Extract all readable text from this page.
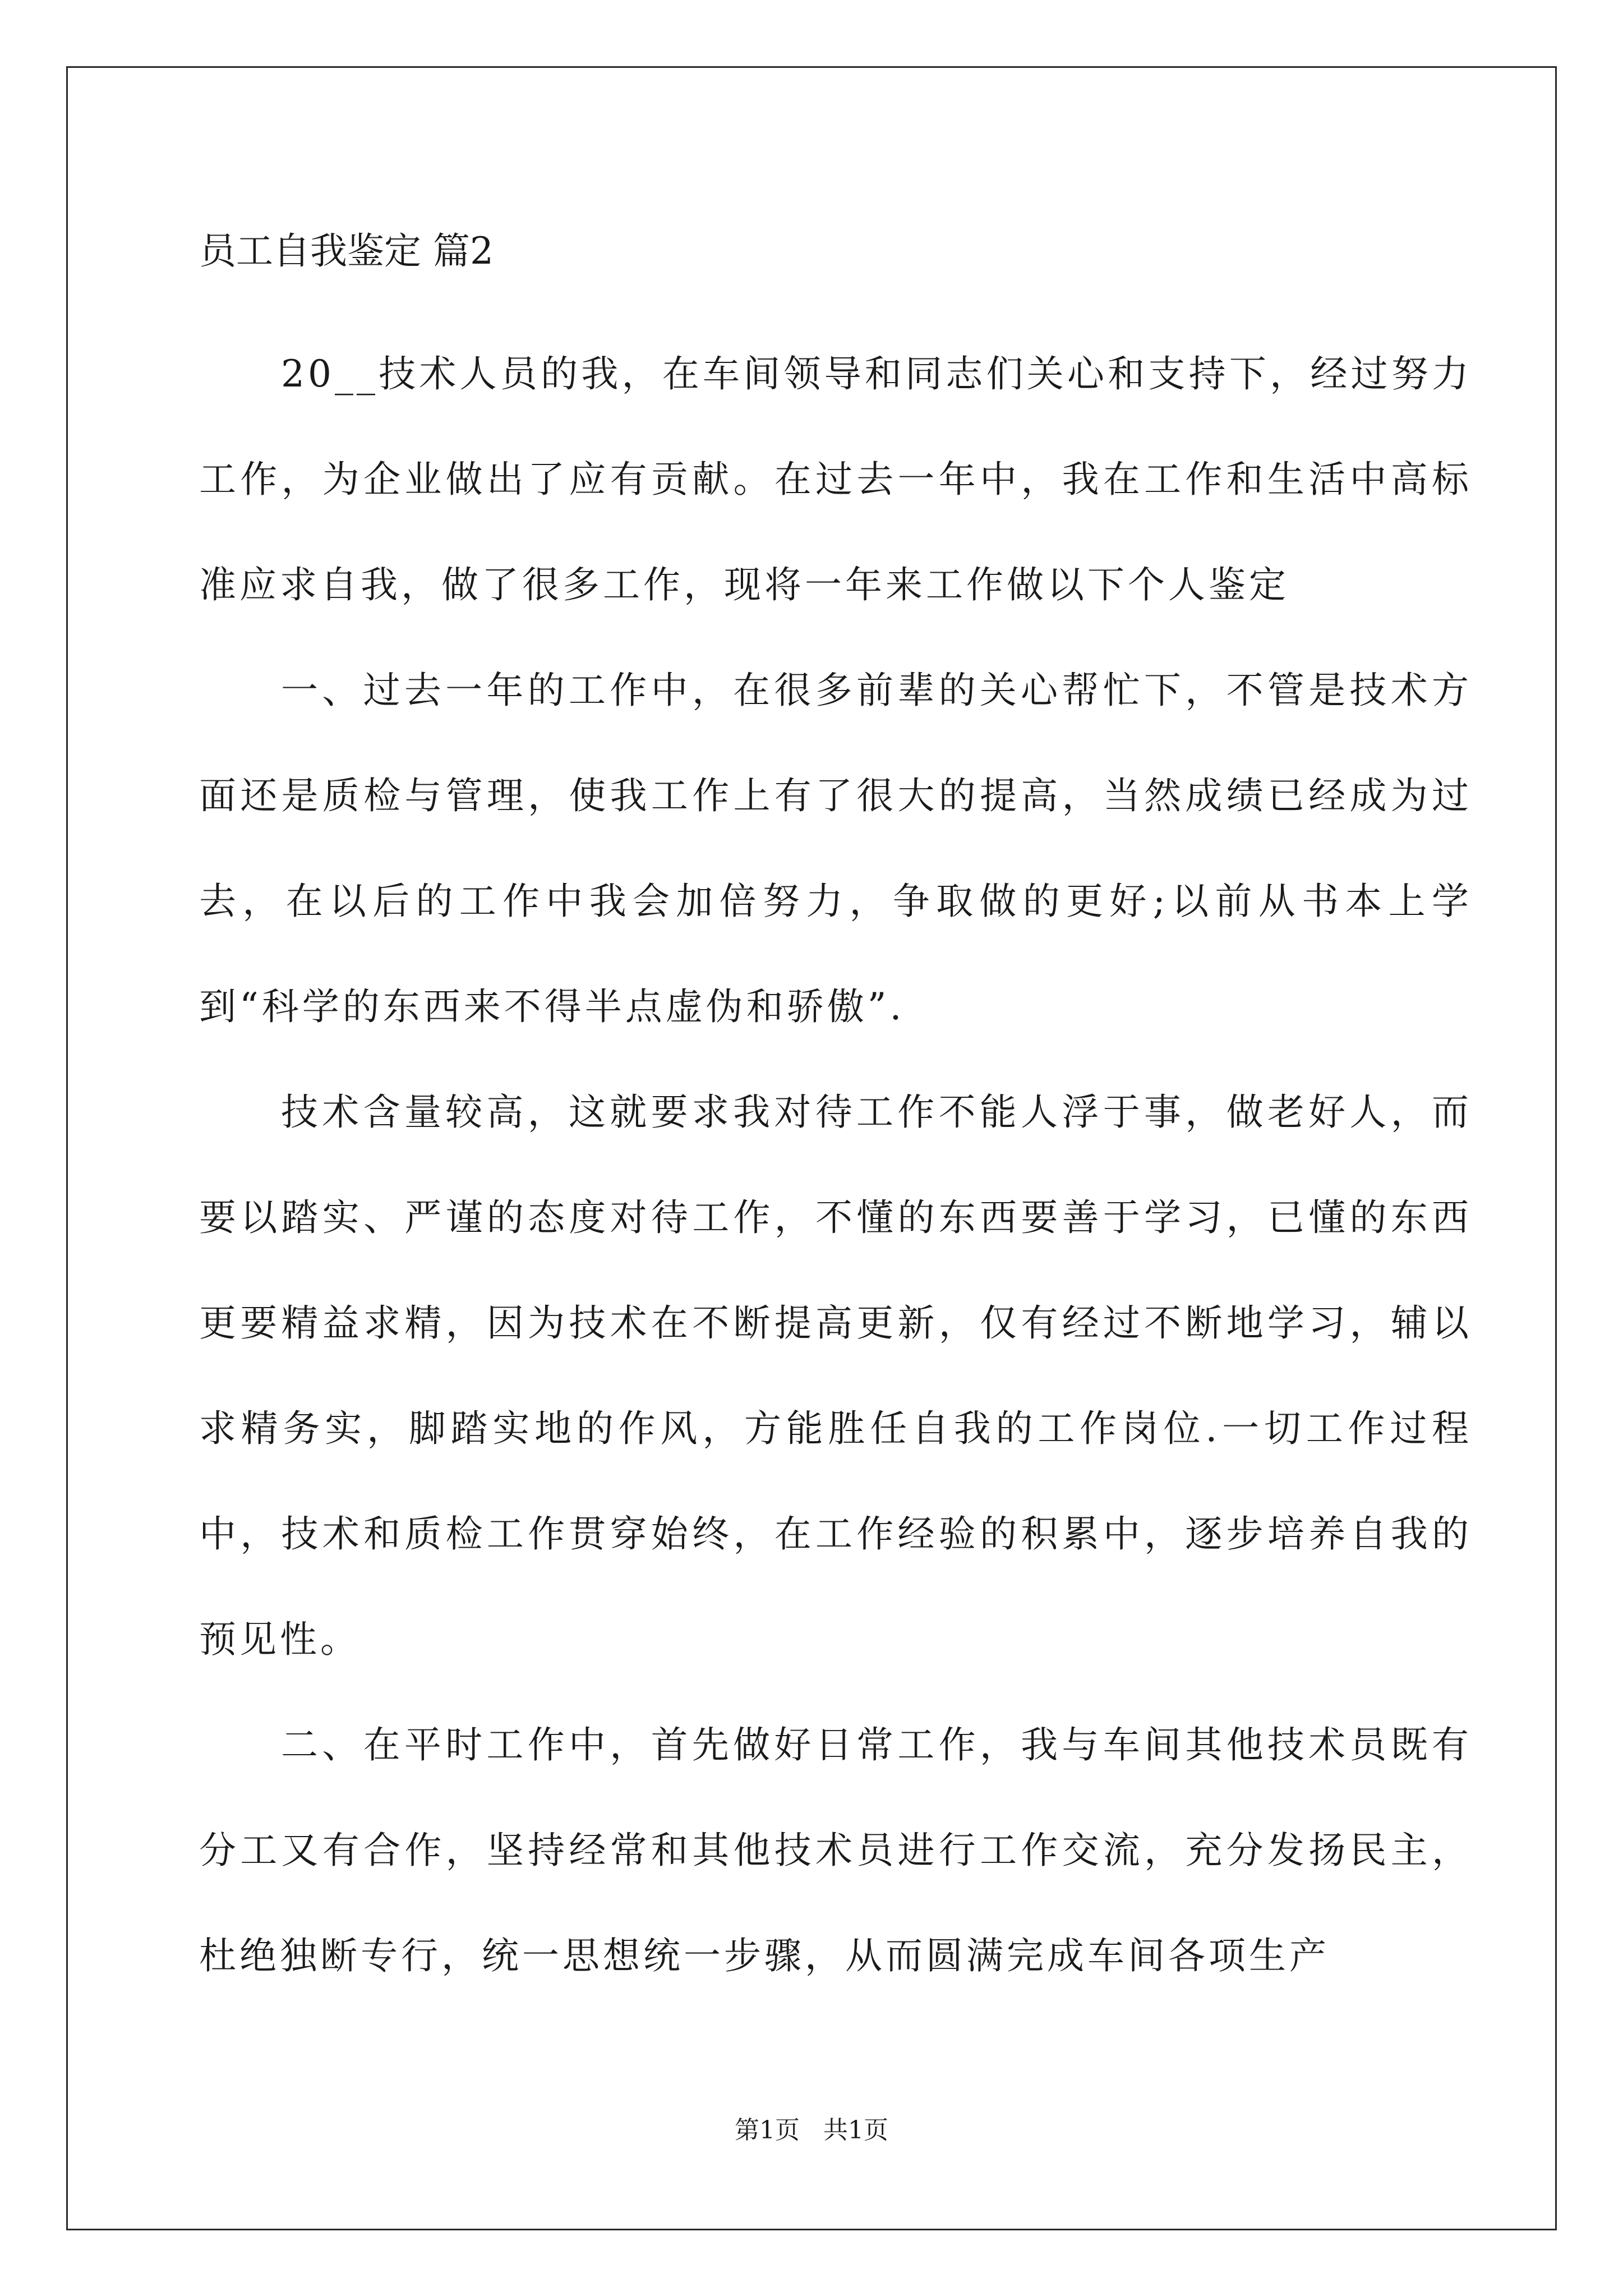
员工自我鉴定 篇2

20__技术人员的我，在车间领导和同志们关心和支持下，经过努力工作，为企业做出了应有贡献。在过去一年中，我在工作和生活中高标准应求自我，做了很多工作，现将一年来工作做以下个人鉴定

一、过去一年的工作中，在很多前辈的关心帮忙下，不管是技术方面还是质检与管理，使我工作上有了很大的提高，当然成绩已经成为过去，在以后的工作中我会加倍努力，争取做的更好;以前从书本上学到“科学的东西来不得半点虚伪和骄傲”.

技术含量较高，这就要求我对待工作不能人浮于事，做老好人，而要以踏实、严谨的态度对待工作，不懂的东西要善于学习，已懂的东西更要精益求精，因为技术在不断提高更新，仅有经过不断地学习，辅以求精务实，脚踏实地的作风，方能胜任自我的工作岗位.一切工作过程中，技术和质检工作贯穿始终，在工作经验的积累中，逐步培养自我的预见性。

二、在平时工作中，首先做好日常工作，我与车间其他技术员既有分工又有合作，坚持经常和其他技术员进行工作交流，充分发扬民主，杜绝独断专行，统一思想统一步骤，从而圆满完成车间各项生产

第1页   共1页
